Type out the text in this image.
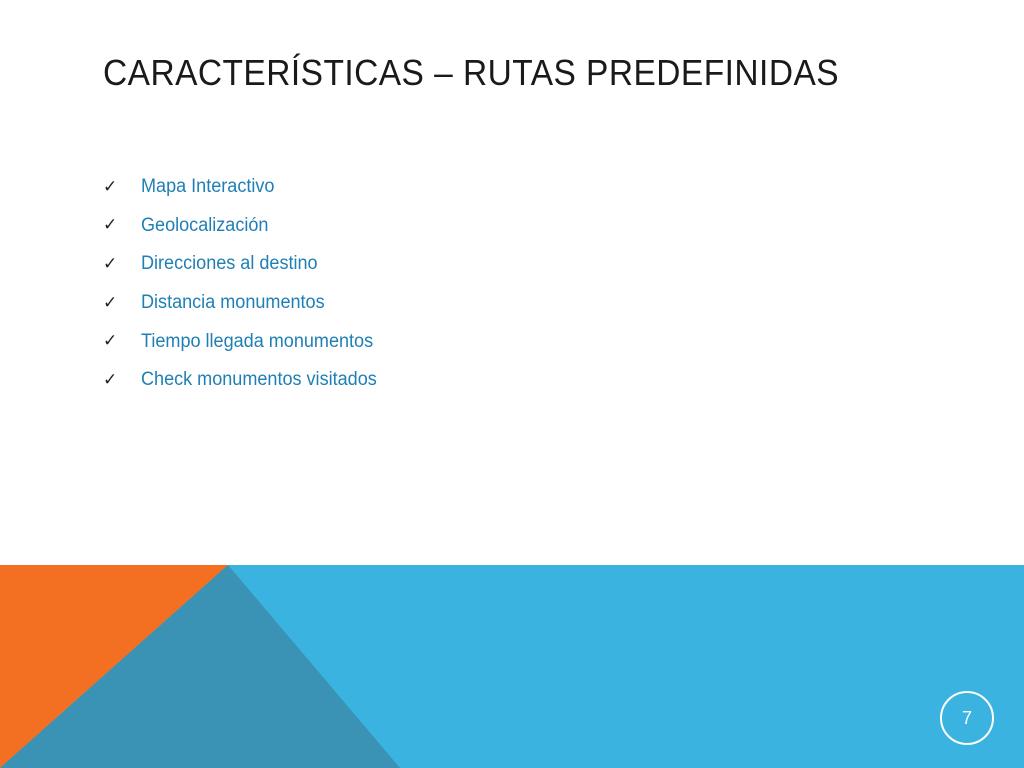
CARACTERÍSTICAS – RUTAS PREDEFINIDAS
✓	Mapa Interactivo
✓	Geolocalización
✓	Direcciones al destino
✓	Distancia monumentos
✓	Tiempo llegada monumentos
✓	Check monumentos visitados
7
